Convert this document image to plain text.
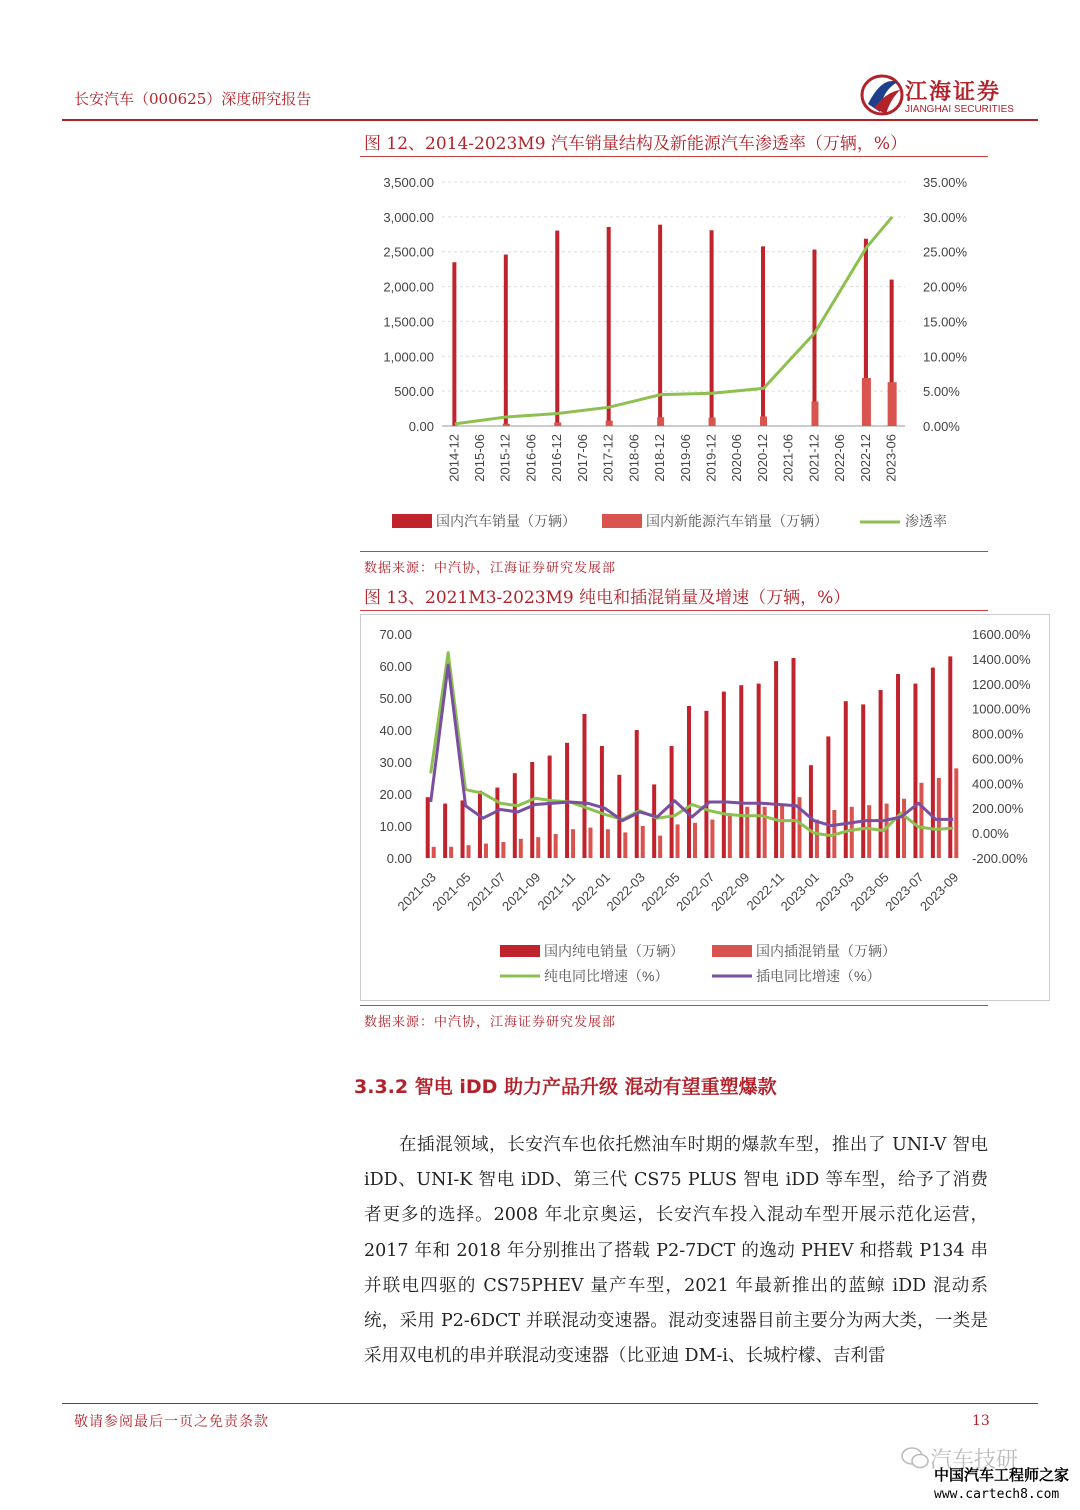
长安汽车（000625）深度研究报告	江海证券
JIANGHAI SECURITIES
图 12、2014-2023M9 汽车销量结构及新能源汽车渗透率（万辆，%）
0.00
500.00
1,000.00
1,500.00
2,000.00
2,500.00
3,000.00
3,500.00
0.00%
5.00%
10.00%
15.00%
20.00%
25.00%
30.00%
35.00%
2014-12 2015-06 2015-12 2016-06 2016-12 2017-06 2017-12 2018-06 2018-12 2019-06 2019-12 2020-06 2020-12 2021-06 2021-12 2022-06 2022-12 2023-06
国内汽车销量（万辆）	国内新能源汽车销量（万辆）	渗透率
数据来源：中汽协，江海证券研究发展部
图 13、2021M3-2023M9 纯电和插混销量及增速（万辆，%）
0.00
10.00
20.00
30.00
40.00
50.00
60.00
70.00
-200.00%
0.00%
200.00%
400.00%
600.00%
800.00%
1000.00%
1200.00%
1400.00%
1600.00%
2021-03
2021-05
2021-07
2021-09
2021-11
2022-01
2022-03
2022-05
2022-07
2022-09
2022-11
2023-01
2023-03
2023-05
2023-07
2023-09
国内纯电销量（万辆）	国内插混销量（万辆）
纯电同比增速（%）	插电同比增速（%）
数据来源：中汽协，江海证券研究发展部
3.3.2 智电 iDD 助力产品升级 混动有望重塑爆款
在插混领域，长安汽车也依托燃油车时期的爆款车型，推出了 UNI-V 智电 iDD、UNI-K 智电 iDD、第三代 CS75 PLUS 智电 iDD 等车型，给予了消费者更多的选择。2008 年北京奥运，长安汽车投入混动车型开展示范化运营，2017 年和 2018 年分别推出了搭载 P2-7DCT 的逸动 PHEV 和搭载 P134 串并联电四驱的 CS75PHEV 量产车型，2021 年最新推出的蓝鲸 iDD 混动系统，采用 P2-6DCT 并联混动变速器。混动变速器目前主要分为两大类，一类是采用双电机的串并联混动变速器（比亚迪 DM-i、长城柠檬、吉利雷
敬请参阅最后一页之免责条款	13
汽车技研
中国汽车工程师之家
www.cartech8.com
